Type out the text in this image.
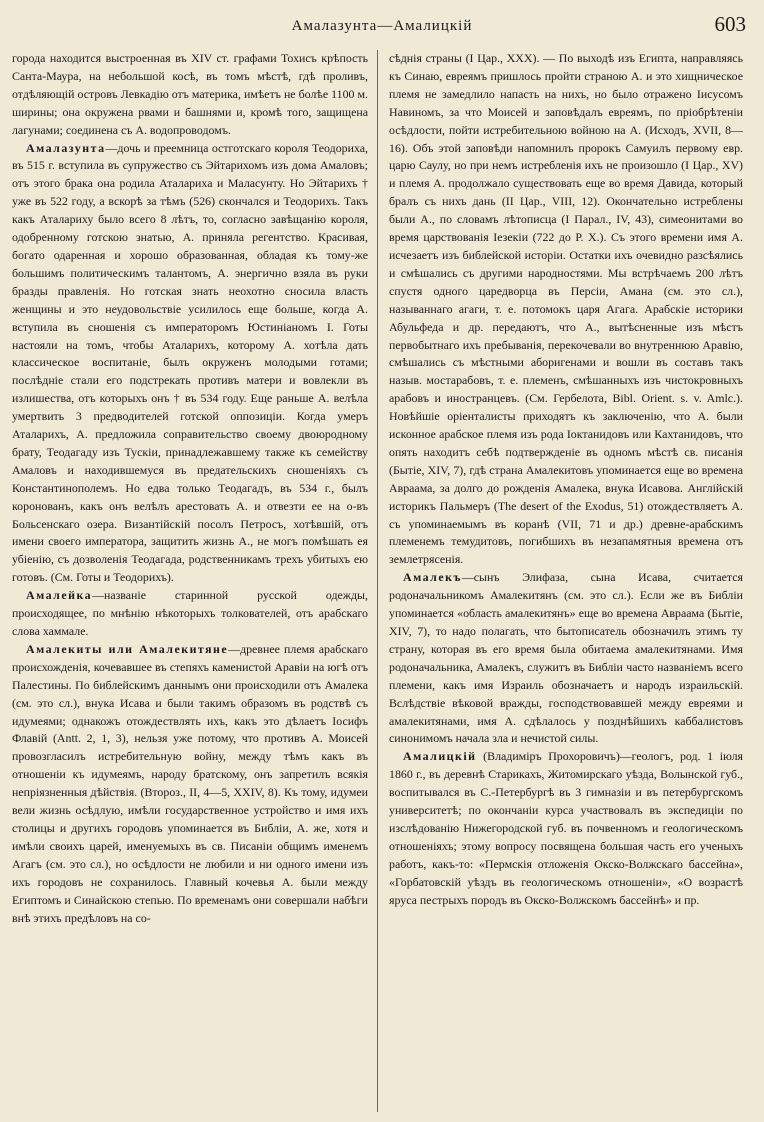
Амалазунта—Амалицкій	603

города находится выстроенная въ XIV ст. графами Тохисъ крѣпость Санта-Маура, на небольшой косѣ, въ томъ мѣстѣ, гдѣ проливъ, отдѣляющій островъ Левкадію отъ материка, имѣетъ не болѣе 1100 м. ширины; она окружена рвами и башнями и, кромѣ того, защищена лагунами; соединена съ А. водопроводомъ.

Амалазунта—дочь и преемница остготскаго короля Теодориха, въ 515 г. вступила въ супружество съ Эйтарихомъ изъ дома Амаловъ; отъ этого брака она родила Аталариха и Маласунту. Но Эйтарихъ † уже въ 522 году, а вскорѣ за тѣмъ (526) скончался и Теодорихъ. Такъ какъ Аталариху было всего 8 лѣтъ, то, согласно завѣщанію короля, одобренному готскою знатью, А. приняла регентство. Красивая, богато одаренная и хорошо образованная, обладая къ тому-же большимъ политическимъ талантомъ, А. энергично взяла въ руки бразды правленія. Но готская знать неохотно сносила власть женщины и это неудовольствіе усилилось еще больше, когда А. вступила въ сношенія съ императоромъ Юстиніаномъ I. Готы настояли на томъ, чтобы Аталарихъ, которому А. хотѣла дать классическое воспитаніе, былъ окруженъ молодыми готами; послѣдніе стали его подстрекать противъ матери и вовлекли въ излишества, отъ которыхъ онъ † въ 534 году. Еще раньше А. велѣла умертвить 3 предводителей готской оппозиціи. Когда умеръ Аталарихъ, А. предложила соправительство своему двоюродному брату, Теодагаду изъ Тускіи, принадлежавшему также къ семейству Амаловъ и находившемуся въ предательскихъ сношеніяхъ съ Константинополемъ. Но едва только Теодагадъ, въ 534 г., былъ коронованъ, какъ онъ велѣлъ арестовать А. и отвезти ее на о-въ Больсенскаго озера. Византійскій посолъ Петросъ, хотѣвшій, отъ имени своего императора, защитить жизнь А., не могъ помѣшать ея убіенію, съ дозволенія Теодагада, родственникамъ трехъ убитыхъ ею готовъ. (См. Готы и Теодорихъ).

Амалейка—названіе старинной русской одежды, происходящее, по мнѣнію нѣкоторыхъ толкователей, отъ арабскаго слова хаммале.

Амалекиты или Амалекитяне—древнее племя арабскаго происхожденія, кочевавшее въ степяхъ каменистой Аравіи на югѣ отъ Палестины. По библейскимъ даннымъ они происходили отъ Амалека (см. это сл.), внука Исава и были такимъ образомъ въ родствѣ съ идумеями; однакожъ отождествлять ихъ, какъ это дѣлаетъ Іосифъ Флавій (Antt. 2, 1, 3), нельзя уже потому, что противъ А. Моисей провозгласилъ истребительную войну, между тѣмъ какъ въ отношеніи къ идумеямъ, народу братскому, онъ запретилъ всякія непріязненныя дѣйствія. (Второз., II, 4—5, XXIV, 8). Къ тому, идумеи вели жизнь осѣдлую, имѣли государственное устройство и имя ихъ столицы и другихъ городовъ упоминается въ Библіи, А. же, хотя и имѣли своихъ царей, именуемыхъ въ св. Писаніи общимъ именемъ Агагъ (см. это сл.), но осѣдлости не любили и ни одного имени изъ ихъ городовъ не сохранилось. Главный кочевья А. были между Египтомъ и Синайскою степью. По временамъ они совершали набѣги внѣ этихъ предѣловъ на со-

сѣднія страны (I Цар., XXX). — По выходѣ изъ Египта, направляясь къ Синаю, евреямъ пришлось пройти страною А. и это хищническое племя не замедлило напасть на нихъ, но было отражено Іисусомъ Навиномъ, за что Моисей и заповѣдалъ евреямъ, по пріобрѣтеніи осѣдлости, пойти истребительною войною на А. (Исходъ, XVII, 8—16). Объ этой заповѣди напомнилъ пророкъ Самуилъ первому евр. царю Саулу, но при немъ истребленія ихъ не произошло (I Цар., XV) и племя А. продолжало существовать еще во время Давида, который бралъ съ нихъ дань (II Цар., VIII, 12). Окончательно истреблены были А., по словамъ лѣтописца (I Парал., IV, 43), симеонитами во время царствованія Іезекіи (722 до Р. Х.). Съ этого времени имя А. исчезаетъ изъ библейской исторіи. Остатки ихъ очевидно разсѣялись и смѣшались съ другими народностями. Мы встрѣчаемъ 200 лѣтъ спустя одного царедворца въ Персіи, Амана (см. это сл.), называннаго агаги, т. е. потомокъ царя Агага. Арабскіе историки Абульфеда и др. передаютъ, что А., вытѣсненные изъ мѣстъ первобытнаго ихъ пребыванія, перекочевали во внутреннюю Аравію, смѣшались съ мѣстными аборигенами и вошли въ составъ такъ назыв. мостарабовъ, т. е. племенъ, смѣшанныхъ изъ чистокровныхъ арабовъ и иностранцевъ. (См. Гербелота, Bibl. Orient. s. v. Amlc.). Новѣйшіе оріенталисты приходятъ къ заключенію, что А. были исконное арабское племя изъ рода Іоктанидовъ или Кахтанидовъ, что опять находитъ себѣ подтвержденіе въ одномъ мѣстѣ св. писанія (Бытіе, XIV, 7), гдѣ страна Амалекитовъ упоминается еще во времена Авраама, за долго до рожденія Амалека, внука Исавова. Англійскій историкъ Пальмеръ (The desert of the Exodus, 51) отождествляетъ А. съ упоминаемымъ въ коранѣ (VII, 71 и др.) древне-арабскимъ племенемъ темудитовъ, погибшихъ въ незапамятныя времена отъ землетрясенія.

Амалекъ—сынъ Элифаза, сына Исава, считается родоначальникомъ Амалекитянъ (см. это сл.). Если же въ Библіи упоминается «область амалекитянъ» еще во времена Авраама (Бытіе, XIV, 7), то надо полагать, что бытописатель обозначилъ этимъ ту страну, которая въ его время была обитаема амалекитянами. Имя родоначальника, Амалекъ, служитъ въ Библіи часто названіемъ всего племени, какъ имя Израиль обозначаетъ и народъ израильскій. Вслѣдствіе вѣковой вражды, господствовавшей между евреями и амалекитянами, имя А. сдѣлалось у позднѣйшихъ каббалистовъ синонимомъ начала зла и нечистой силы.

Амалицкій (Владиміръ Прохоровичъ)—геологъ, род. 1 іюля 1860 г., въ деревнѣ Старикахъ, Житомирскаго уѣзда, Волынской губ., воспитывался въ С.-Петербургѣ въ 3 гимназіи и въ петербургскомъ университетѣ; по окончаніи курса участвовалъ въ экспедиціи по изслѣдованію Нижегородской губ. въ почвенномъ и геологическомъ отношеніяхъ; этому вопросу посвящена большая часть его ученыхъ работъ, какъ-то: «Пермскія отложенія Окско-Волжскаго бассейна», «Горбатовскій уѣздъ въ геологическомъ отношеніи», «О возрастѣ яруса пестрыхъ породъ въ Окско-Волжскомъ бассейнѣ» и пр.
